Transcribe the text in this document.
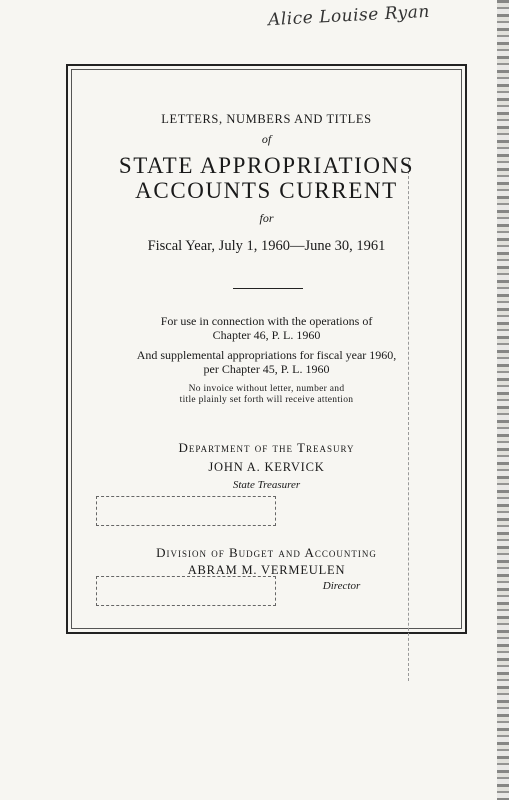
Alice Louise Ryan
LETTERS, NUMBERS AND TITLES
of
STATE APPROPRIATIONS
ACCOUNTS CURRENT
for
Fiscal Year, July 1, 1960—June 30, 1961
For use in connection with the operations of
Chapter 46, P. L. 1960
And supplemental appropriations for fiscal year 1960,
per Chapter 45, P. L. 1960
No invoice without letter, number and
title plainly set forth will receive attention
Department of the Treasury
JOHN A. KERVICK
State Treasurer
Division of Budget and Accounting
ABRAM M. VERMEULEN
Director
